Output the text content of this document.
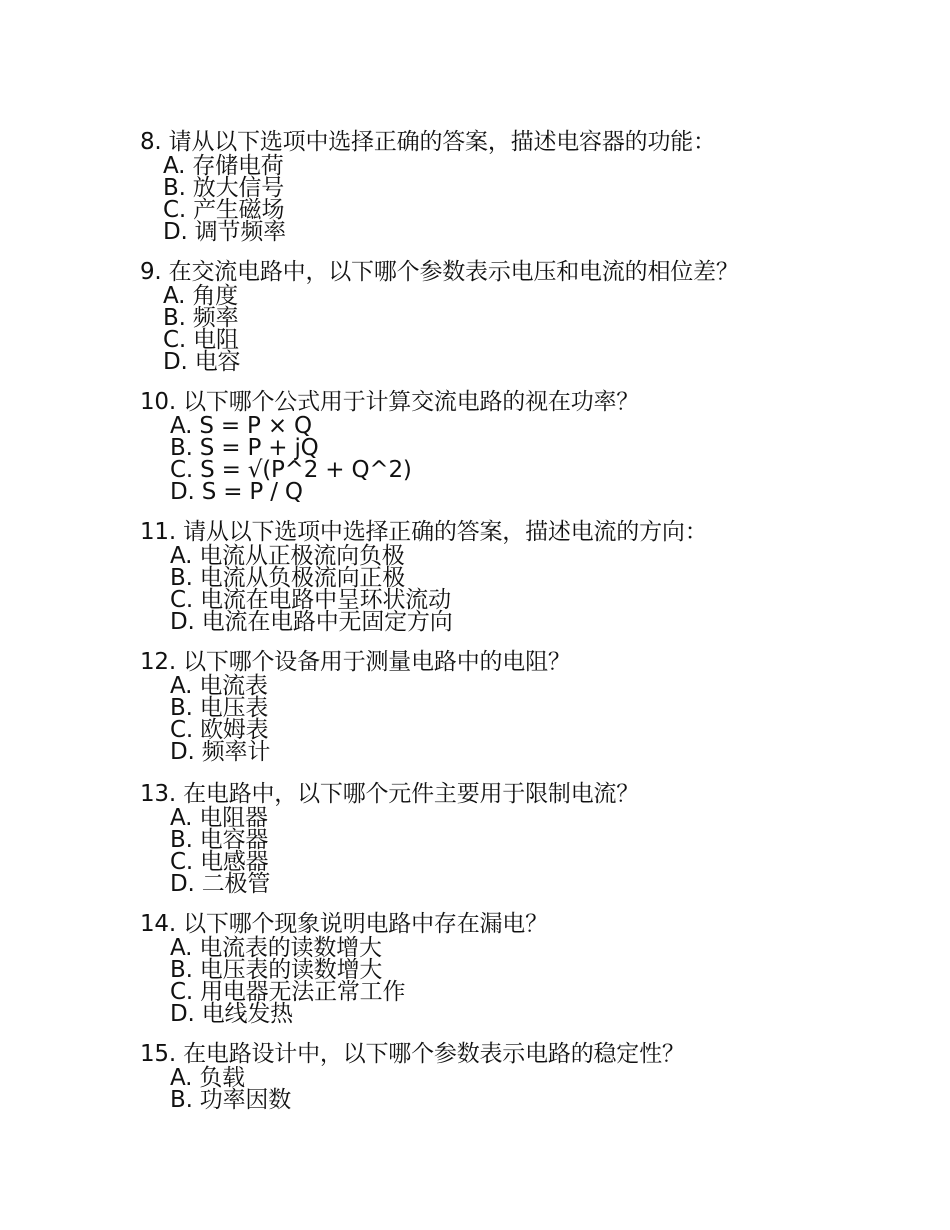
8. 请从以下选项中选择正确的答案，描述电容器的功能：
A. 存储电荷
B. 放大信号
C. 产生磁场
D. 调节频率
9. 在交流电路中，以下哪个参数表示电压和电流的相位差？
A. 角度
B. 频率
C. 电阻
D. 电容
10. 以下哪个公式用于计算交流电路的视在功率？
A. S = P × Q
B. S = P + jQ
C. S = √(P^2 + Q^2)
D. S = P / Q
11. 请从以下选项中选择正确的答案，描述电流的方向：
A. 电流从正极流向负极
B. 电流从负极流向正极
C. 电流在电路中呈环状流动
D. 电流在电路中无固定方向
12. 以下哪个设备用于测量电路中的电阻？
A. 电流表
B. 电压表
C. 欧姆表
D. 频率计
13. 在电路中，以下哪个元件主要用于限制电流？
A. 电阻器
B. 电容器
C. 电感器
D. 二极管
14. 以下哪个现象说明电路中存在漏电？
A. 电流表的读数增大
B. 电压表的读数增大
C. 用电器无法正常工作
D. 电线发热
15. 在电路设计中，以下哪个参数表示电路的稳定性？
A. 负载
B. 功率因数
